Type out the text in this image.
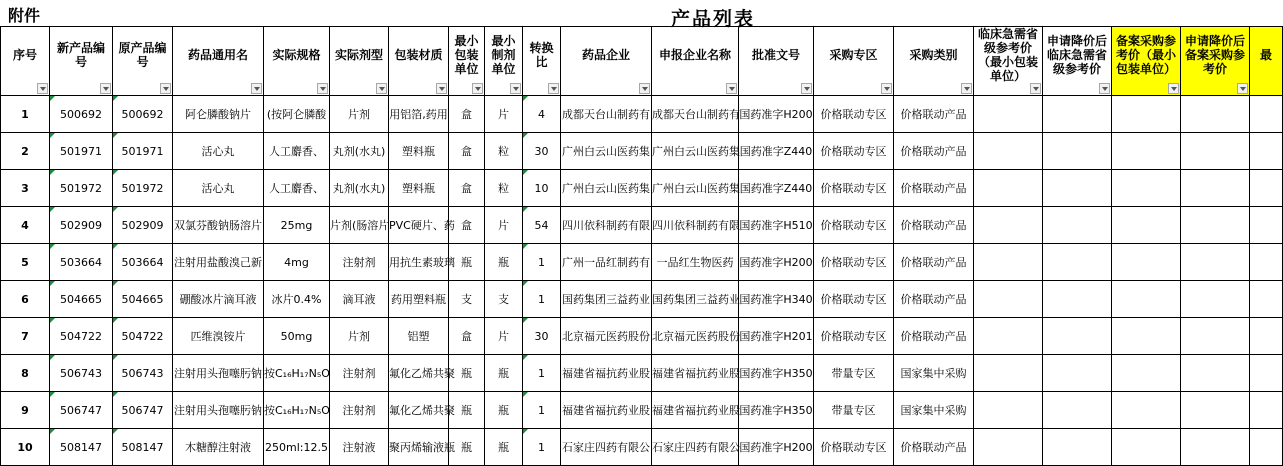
附件	产品列表
序号	新产品编号	原产品编号	药品通用名	实际规格	实际剂型	包装材质	最小包装单位	最小制剂单位	转换比	药品企业	申报企业名称	批准文号	采购专区	采购类别	临床急需省级参考价（最小包装单位）	申请降价后临床急需省级参考价	备案采购参考价（最小包装单位）	申请降价后备案采购参考价	最

1	500692	500692	阿仑膦酸钠片	(按阿仑膦酸	片剂	用铝箔,药用	盒	片	4	成都天台山制药有	成都天台山制药有	国药准字H200	价格联动专区	价格联动产品					
2	501971	501971	活心丸	人工麝香、	丸剂(水丸)	塑料瓶	盒	粒	30	广州白云山医药集	广州白云山医药集	国药准字Z440	价格联动专区	价格联动产品					
3	501972	501972	活心丸	人工麝香、	丸剂(水丸)	塑料瓶	盒	粒	10	广州白云山医药集	广州白云山医药集	国药准字Z440	价格联动专区	价格联动产品					
4	502909	502909	双氯芬酸钠肠溶片	25mg	片剂(肠溶片	PVC硬片、药	盒	片	54	四川依科制药有限	四川依科制药有限	国药准字H510	价格联动专区	价格联动产品					
5	503664	503664	注射用盐酸溴己新	4mg	注射剂	用抗生素玻璃	瓶	瓶	1	广州一品红制药有	一品红生物医药	国药准字H200	价格联动专区	价格联动产品					
6	504665	504665	硼酸冰片滴耳液	冰片0.4%	滴耳液	药用塑料瓶	支	支	1	国药集团三益药业	国药集团三益药业	国药准字H340	价格联动专区	价格联动产品					
7	504722	504722	匹维溴铵片	50mg	片剂	铝塑	盒	片	30	北京福元医药股份	北京福元医药股份	国药准字H201	价格联动专区	价格联动产品					
8	506743	506743	注射用头孢噻肟钠	按C₁₆H₁₇N₅O	注射剂	氟化乙烯共聚	瓶	瓶	1	福建省福抗药业股	福建省福抗药业股	国药准字H350	带量专区	国家集中采购					
9	506747	506747	注射用头孢噻肟钠	按C₁₆H₁₇N₅O	注射剂	氟化乙烯共聚	瓶	瓶	1	福建省福抗药业股	福建省福抗药业股	国药准字H350	带量专区	国家集中采购					
10	508147	508147	木糖醇注射液	250ml:12.5	注射液	聚丙烯输液瓶	瓶	瓶	1	石家庄四药有限公	石家庄四药有限公	国药准字H200	价格联动专区	价格联动产品					
